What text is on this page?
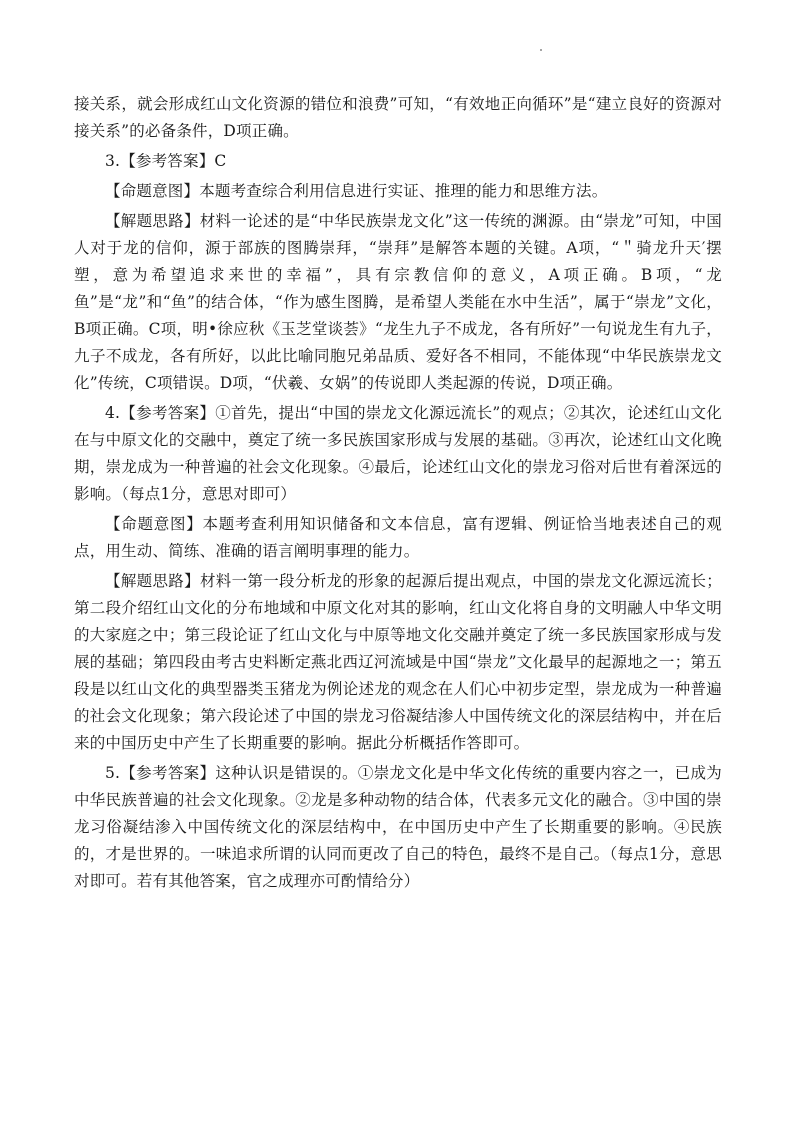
接关系，就会形成红山文化资源的错位和浪费”可知，“有效地正向循环”是“建立良好的资源对接关系”的必备条件，D项正确。

3.【参考答案】C

【命题意图】本题考查综合利用信息进行实证、推理的能力和思维方法。

【解题思路】材料一论述的是“中华民族崇龙文化”这一传统的渊源。由“崇龙”可知，中国人对于龙的信仰，源于部族的图腾崇拜，“崇拜”是解答本题的关键。A项，“＂骑龙升天′摆塑，意为希望追求来世的幸福”，具有宗教信仰的意义，A项正确。B项，“龙鱼”是“龙”和“鱼”的结合体，“作为感生图腾，是希望人类能在水中生活”，属于“崇龙”文化，B项正确。C项，明•徐应秋《玉芝堂谈荟》“龙生九子不成龙，各有所好”一句说龙生有九子，九子不成龙，各有所好，以此比喻同胞兄弟品质、爱好各不相同，不能体现“中华民族崇龙文化”传统，C项错误。D项，“伏羲、女娲”的传说即人类起源的传说，D项正确。

4.【参考答案】①首先，提出“中国的崇龙文化源远流长”的观点；②其次，论述红山文化在与中原文化的交融中，奠定了统一多民族国家形成与发展的基础。③再次，论述红山文化晚期，崇龙成为一种普遍的社会文化现象。④最后，论述红山文化的崇龙习俗对后世有着深远的影响。（每点1分，意思对即可）

【命题意图】本题考查利用知识储备和文本信息，富有逻辑、例证恰当地表述自己的观点，用生动、简练、准确的语言阐明事理的能力。

【解题思路】材料一第一段分析龙的形象的起源后提出观点，中国的崇龙文化源远流长；第二段介绍红山文化的分布地域和中原文化对其的影响，红山文化将自身的文明融人中华文明的大家庭之中；第三段论证了红山文化与中原等地文化交融并奠定了统一多民族国家形成与发展的基础；第四段由考古史料断定燕北西辽河流域是中国“崇龙”文化最早的起源地之一；第五段是以红山文化的典型器类玉猪龙为例论述龙的观念在人们心中初步定型，崇龙成为一种普遍的社会文化现象；第六段论述了中国的崇龙习俗凝结渗人中国传统文化的深层结构中，并在后来的中国历史中产生了长期重要的影响。据此分析概括作答即可。

5.【参考答案】这种认识是错误的。①崇龙文化是中华文化传统的重要内容之一，已成为中华民族普遍的社会文化现象。②龙是多种动物的结合体，代表多元文化的融合。③中国的崇龙习俗凝结渗入中国传统文化的深层结构中，在中国历史中产生了长期重要的影响。④民族的，才是世界的。一味追求所谓的认同而更改了自己的特色，最终不是自己。（每点1分，意思对即可。若有其他答案，官之成理亦可酌情给分）
